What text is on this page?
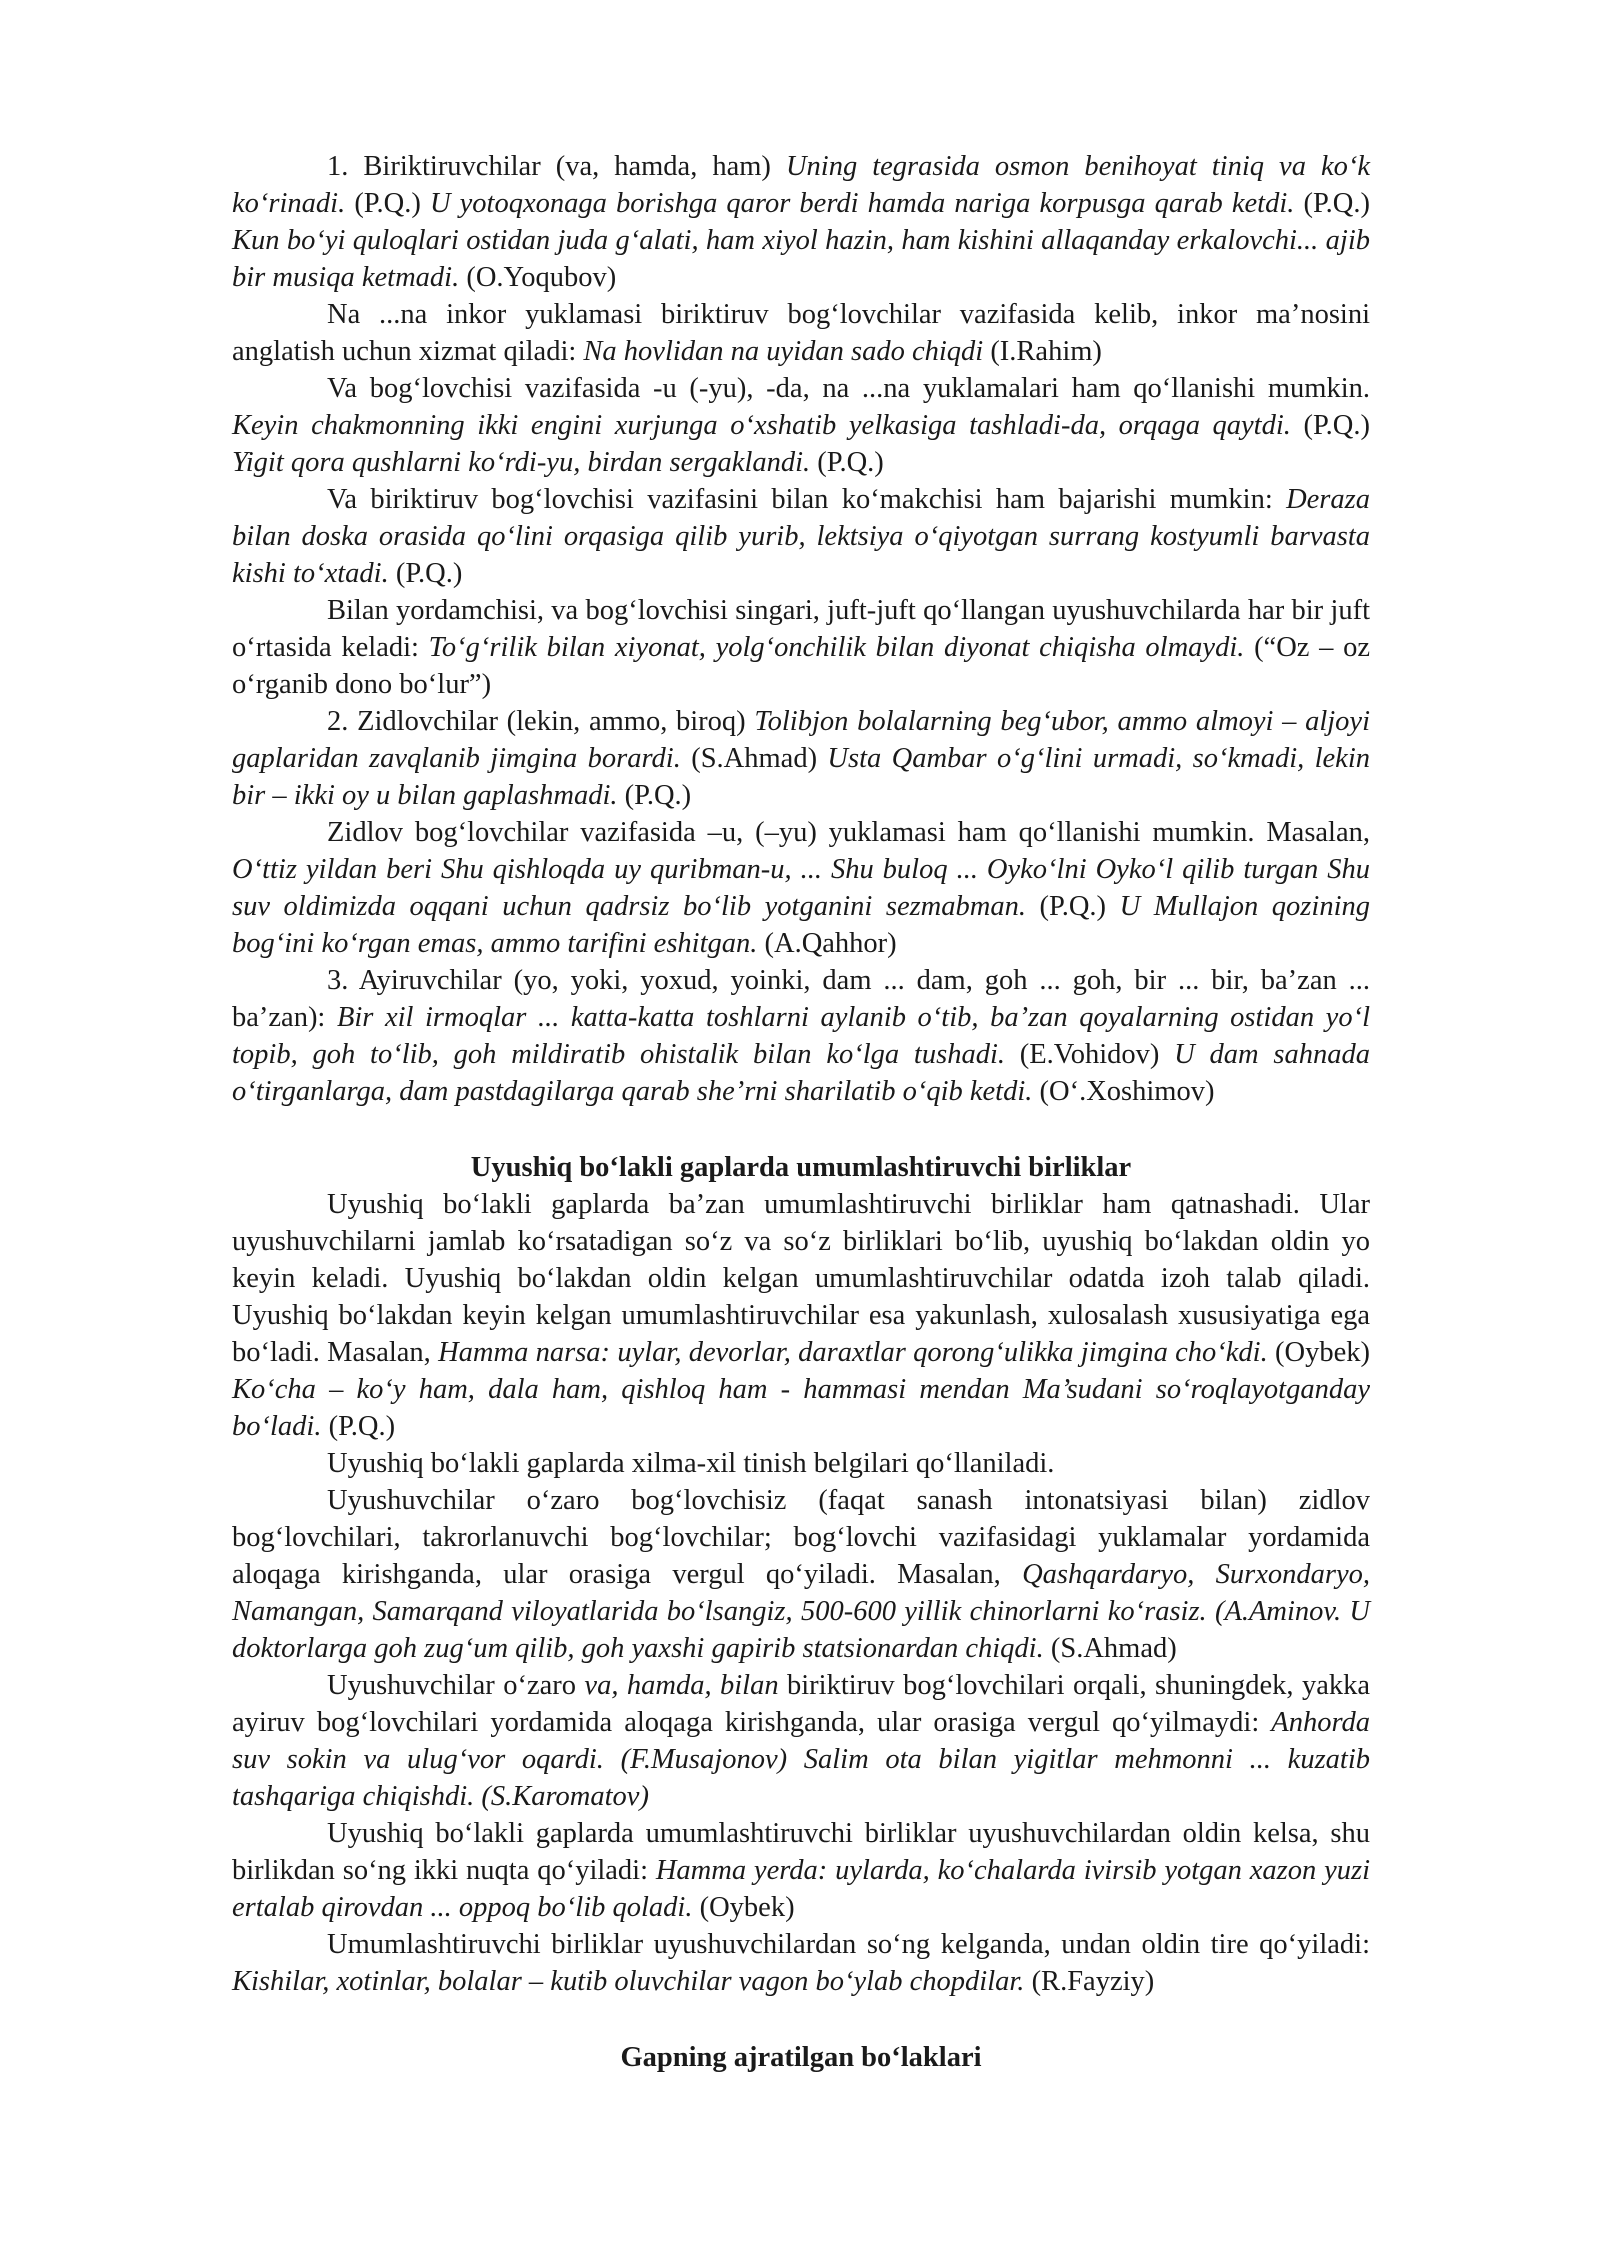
1. Biriktiruvchilar (va, hamda, ham) Uning tegrasida osmon benihoyat tiniq va ko‘k ko‘rinadi. (P.Q.) U yotoqxonaga borishga qaror berdi hamda nariga korpusga qarab ketdi. (P.Q.) Kun bo‘yi quloqlari ostidan juda g‘alati, ham xiyol hazin, ham kishini allaqanday erkalovchi... ajib bir musiqa ketmadi. (O.Yoqubov)

Na ...na inkor yuklamasi biriktiruv bog‘lovchilar vazifasida kelib, inkor ma’nosini anglatish uchun xizmat qiladi: Na hovlidan na uyidan sado chiqdi (I.Rahim)

Va bog‘lovchisi vazifasida -u (-yu), -da, na ...na yuklamalari ham qo‘llanishi mumkin. Keyin chakmonning ikki engini xurjunga o‘xshatib yelkasiga tashladi-da, orqaga qaytdi. (P.Q.) Yigit qora qushlarni ko‘rdi-yu, birdan sergaklandi. (P.Q.)

Va biriktiruv bog‘lovchisi vazifasini bilan ko‘makchisi ham bajarishi mumkin: Deraza bilan doska orasida qo‘lini orqasiga qilib yurib, lektsiya o‘qiyotgan surrang kostyumli barvasta kishi to‘xtadi. (P.Q.)

Bilan yordamchisi, va bog‘lovchisi singari, juft-juft qo‘llangan uyushuvchilarda har bir juft o‘rtasida keladi: To‘g‘rilik bilan xiyonat, yolg‘onchilik bilan diyonat chiqisha olmaydi. (“Oz – oz o‘rganib dono bo‘lur”)

2. Zidlovchilar (lekin, ammo, biroq) Tolibjon bolalarning beg‘ubor, ammo almoyi – aljoyi gaplaridan zavqlanib jimgina borardi. (S.Ahmad) Usta Qambar o‘g‘lini urmadi, so‘kmadi, lekin bir – ikki oy u bilan gaplashmadi. (P.Q.)

Zidlov bog‘lovchilar vazifasida –u, (–yu) yuklamasi ham qo‘llanishi mumkin. Masalan, O‘ttiz yildan beri Shu qishloqda uy quribman-u, ... Shu buloq ... Oyko‘lni Oyko‘l qilib turgan Shu suv oldimizda oqqani uchun qadrsiz bo‘lib yotganini sezmabman. (P.Q.) U Mullajon qozining bog‘ini ko‘rgan emas, ammo tarifini eshitgan. (A.Qahhor)

3. Ayiruvchilar (yo, yoki, yoxud, yoinki, dam ... dam, goh ... goh, bir ... bir, ba’zan ... ba’zan): Bir xil irmoqlar ... katta-katta toshlarni aylanib o‘tib, ba’zan qoyalarning ostidan yo‘l topib, goh to‘lib, goh mildiratib ohistalik bilan ko‘lga tushadi. (E.Vohidov) U dam sahnada o‘tirganlarga, dam pastdagilarga qarab she’rni sharilatib o‘qib ketdi. (O‘.Xoshimov)

Uyushiq bo‘lakli gaplarda umumlashtiruvchi birliklar

Uyushiq bo‘lakli gaplarda ba’zan umumlashtiruvchi birliklar ham qatnashadi. Ular uyushuvchilarni jamlab ko‘rsatadigan so‘z va so‘z birliklari bo‘lib, uyushiq bo‘lakdan oldin yo keyin keladi. Uyushiq bo‘lakdan oldin kelgan umumlashtiruvchilar odatda izoh talab qiladi. Uyushiq bo‘lakdan keyin kelgan umumlashtiruvchilar esa yakunlash, xulosalash xususiyatiga ega bo‘ladi. Masalan, Hamma narsa: uylar, devorlar, daraxtlar qorong‘ulikka jimgina cho‘kdi. (Oybek) Ko‘cha – ko‘y ham, dala ham, qishloq ham - hammasi mendan Ma’sudani so‘roqlayotganday bo‘ladi. (P.Q.)

Uyushiq bo‘lakli gaplarda xilma-xil tinish belgilari qo‘llaniladi.

Uyushuvchilar o‘zaro bog‘lovchisiz (faqat sanash intonatsiyasi bilan) zidlov bog‘lovchilari, takrorlanuvchi bog‘lovchilar; bog‘lovchi vazifasidagi yuklamalar yordamida aloqaga kirishganda, ular orasiga vergul qo‘yiladi. Masalan, Qashqardaryo, Surxondaryo, Namangan, Samarqand viloyatlarida bo‘lsangiz, 500-600 yillik chinorlarni ko‘rasiz. (A.Aminov. U doktorlarga goh zug‘um qilib, goh yaxshi gapirib statsionardan chiqdi. (S.Ahmad)

Uyushuvchilar o‘zaro va, hamda, bilan biriktiruv bog‘lovchilari orqali, shuningdek, yakka ayiruv bog‘lovchilari yordamida aloqaga kirishganda, ular orasiga vergul qo‘yilmaydi: Anhorda suv sokin va ulug‘vor oqardi. (F.Musajonov) Salim ota bilan yigitlar mehmonni ... kuzatib tashqariga chiqishdi. (S.Karomatov)

Uyushiq bo‘lakli gaplarda umumlashtiruvchi birliklar uyushuvchilardan oldin kelsa, shu birlikdan so‘ng ikki nuqta qo‘yiladi: Hamma yerda: uylarda, ko‘chalarda ivirsib yotgan xazon yuzi ertalab qirovdan ... oppoq bo‘lib qoladi. (Oybek)

Umumlashtiruvchi birliklar uyushuvchilardan so‘ng kelganda, undan oldin tire qo‘yiladi: Kishilar, xotinlar, bolalar – kutib oluvchilar vagon bo‘ylab chopdilar. (R.Fayziy)

Gapning ajratilgan bo‘laklari
